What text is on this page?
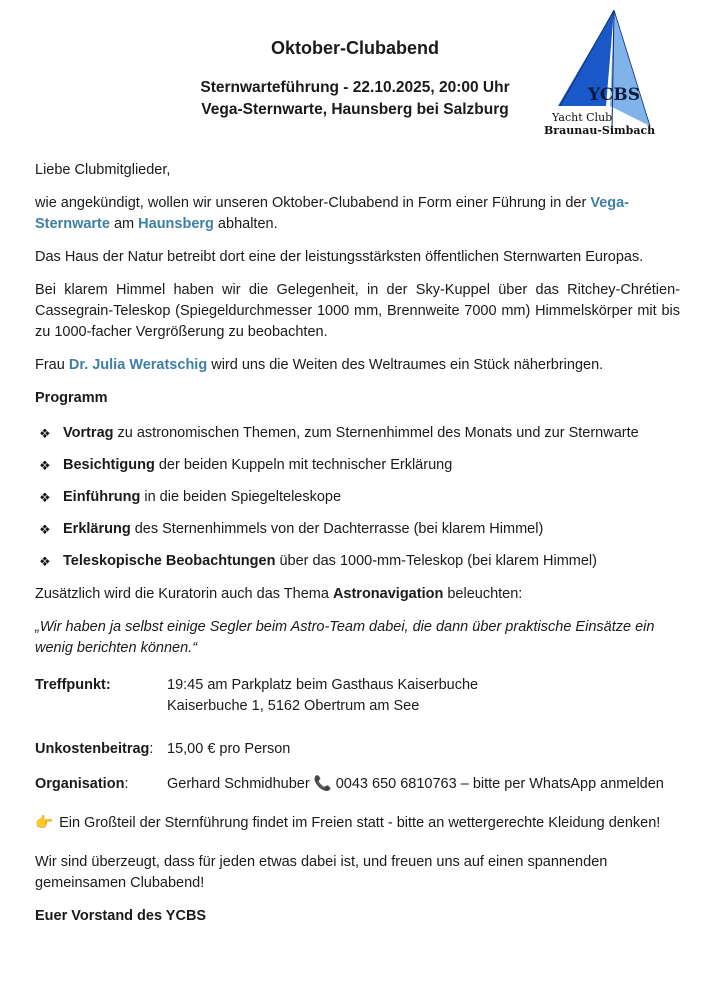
Oktober-Clubabend
Sternwarteführung - 22.10.2025, 20:00 Uhr
Vega-Sternwarte, Haunsberg bei Salzburg
YCBS
Yacht Club
Braunau-Simbach

Liebe Clubmitglieder,

wie angekündigt, wollen wir unseren Oktober-Clubabend in Form einer Führung in der Vega-Sternwarte am Haunsberg abhalten.

Das Haus der Natur betreibt dort eine der leistungsstärksten öffentlichen Sternwarten Europas.

Bei klarem Himmel haben wir die Gelegenheit, in der Sky-Kuppel über das Ritchey-Chrétien-Cassegrain-Teleskop (Spiegeldurchmesser 1000 mm, Brennweite 7000 mm) Himmelskörper mit bis zu 1000-facher Vergrößerung zu beobachten.

Frau Dr. Julia Weratschig wird uns die Weiten des Weltraumes ein Stück näherbringen.

Programm
❖ Vortrag zu astronomischen Themen, zum Sternenhimmel des Monats und zur Sternwarte
❖ Besichtigung der beiden Kuppeln mit technischer Erklärung
❖ Einführung in die beiden Spiegelteleskope
❖ Erklärung des Sternenhimmels von der Dachterrasse (bei klarem Himmel)
❖ Teleskopische Beobachtungen über das 1000-mm-Teleskop (bei klarem Himmel)

Zusätzlich wird die Kuratorin auch das Thema Astronavigation beleuchten:

„Wir haben ja selbst einige Segler beim Astro-Team dabei, die dann über praktische Einsätze ein wenig berichten können.“

Treffpunkt:	19:45 am Parkplatz beim Gasthaus Kaiserbuche
Kaiserbuche 1, 5162 Obertrum am See
Unkostenbeitrag: 15,00 € pro Person
Organisation:	Gerhard Schmidhuber 📞 0043 650 6810763 – bitte per WhatsApp anmelden

👉 Ein Großteil der Sternführung findet im Freien statt - bitte an wettergerechte Kleidung denken!

Wir sind überzeugt, dass für jeden etwas dabei ist, und freuen uns auf einen spannenden gemeinsamen Clubabend!

Euer Vorstand des YCBS
